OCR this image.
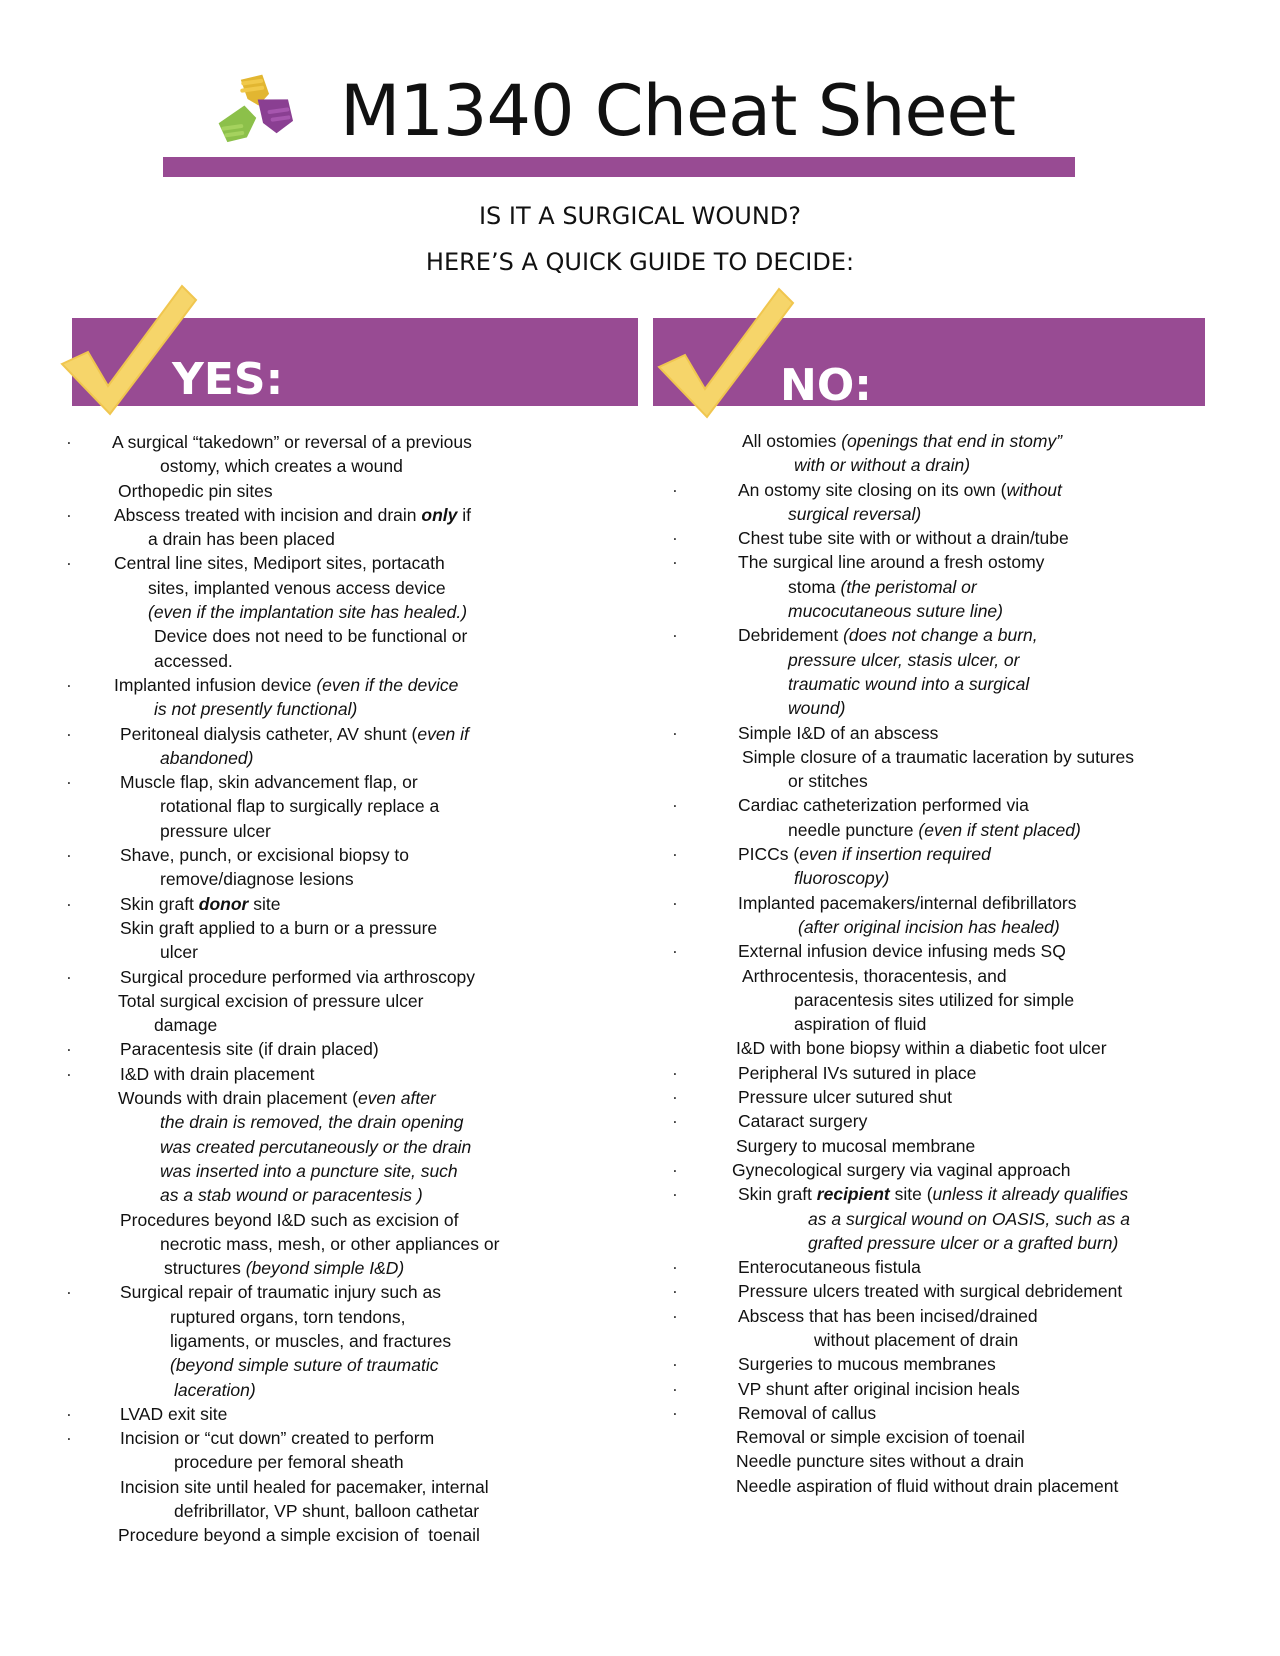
M1340 Cheat Sheet
IS IT A SURGICAL WOUND?
HERE’S A QUICK GUIDE TO DECIDE:
YES:	NO:
· A surgical “takedown” or reversal of a previous
ostomy, which creates a wound
Orthopedic pin sites
· Abscess treated with incision and drain only if
a drain has been placed
· Central line sites, Mediport sites, portacath
sites, implanted venous access device
(even if the implantation site has healed.)
Device does not need to be functional or
accessed.
· Implanted infusion device (even if the device
is not presently functional)
·	Peritoneal dialysis catheter, AV shunt (even if
abandoned)
·	Muscle flap, skin advancement flap, or
rotational flap to surgically replace a
pressure ulcer
·	Shave, punch, or excisional biopsy to
remove/diagnose lesions
·	Skin graft donor site
Skin graft applied to a burn or a pressure
ulcer
·	Surgical procedure performed via arthroscopy
Total surgical excision of pressure ulcer
damage
·	Paracentesis site (if drain placed)
·	I&D with drain placement
Wounds with drain placement (even after
the drain is removed, the drain opening
was created percutaneously or the drain
was inserted into a puncture site, such
as a stab wound or paracentesis )
Procedures beyond I&D such as excision of
necrotic mass, mesh, or other appliances or
structures (beyond simple I&D)
·	Surgical repair of traumatic injury such as
ruptured organs, torn tendons,
ligaments, or muscles, and fractures
(beyond simple suture of traumatic
laceration)
·	LVAD exit site
·	Incision or “cut down” created to perform
procedure per femoral sheath
Incision site until healed for pacemaker, internal
defribrillator, VP shunt, balloon cathetar
Procedure beyond a simple excision of  toenail
All ostomies (openings that end in stomy”
with or without a drain)
·	An ostomy site closing on its own (without
surgical reversal)
·	Chest tube site with or without a drain/tube
·	The surgical line around a fresh ostomy
stoma (the peristomal or
mucocutaneous suture line)
·	Debridement (does not change a burn,
pressure ulcer, stasis ulcer, or
traumatic wound into a surgical
wound)
·	Simple I&D of an abscess
Simple closure of a traumatic laceration by sutures
or stitches
·	Cardiac catheterization performed via
needle puncture (even if stent placed)
·	PICCs (even if insertion required
fluoroscopy)
·	Implanted pacemakers/internal defibrillators
(after original incision has healed)
·	External infusion device infusing meds SQ
Arthrocentesis, thoracentesis, and
paracentesis sites utilized for simple
aspiration of fluid
I&D with bone biopsy within a diabetic foot ulcer
·	Peripheral IVs sutured in place
·	Pressure ulcer sutured shut
·	Cataract surgery
Surgery to mucosal membrane
·	Gynecological surgery via vaginal approach
·	Skin graft recipient site (unless it already qualifies
as a surgical wound on OASIS, such as a
grafted pressure ulcer or a grafted burn)
·	Enterocutaneous fistula
·	Pressure ulcers treated with surgical debridement
·	Abscess that has been incised/drained
without placement of drain
·	Surgeries to mucous membranes
·	VP shunt after original incision heals
·	Removal of callus
Removal or simple excision of toenail
Needle puncture sites without a drain
Needle aspiration of fluid without drain placement
